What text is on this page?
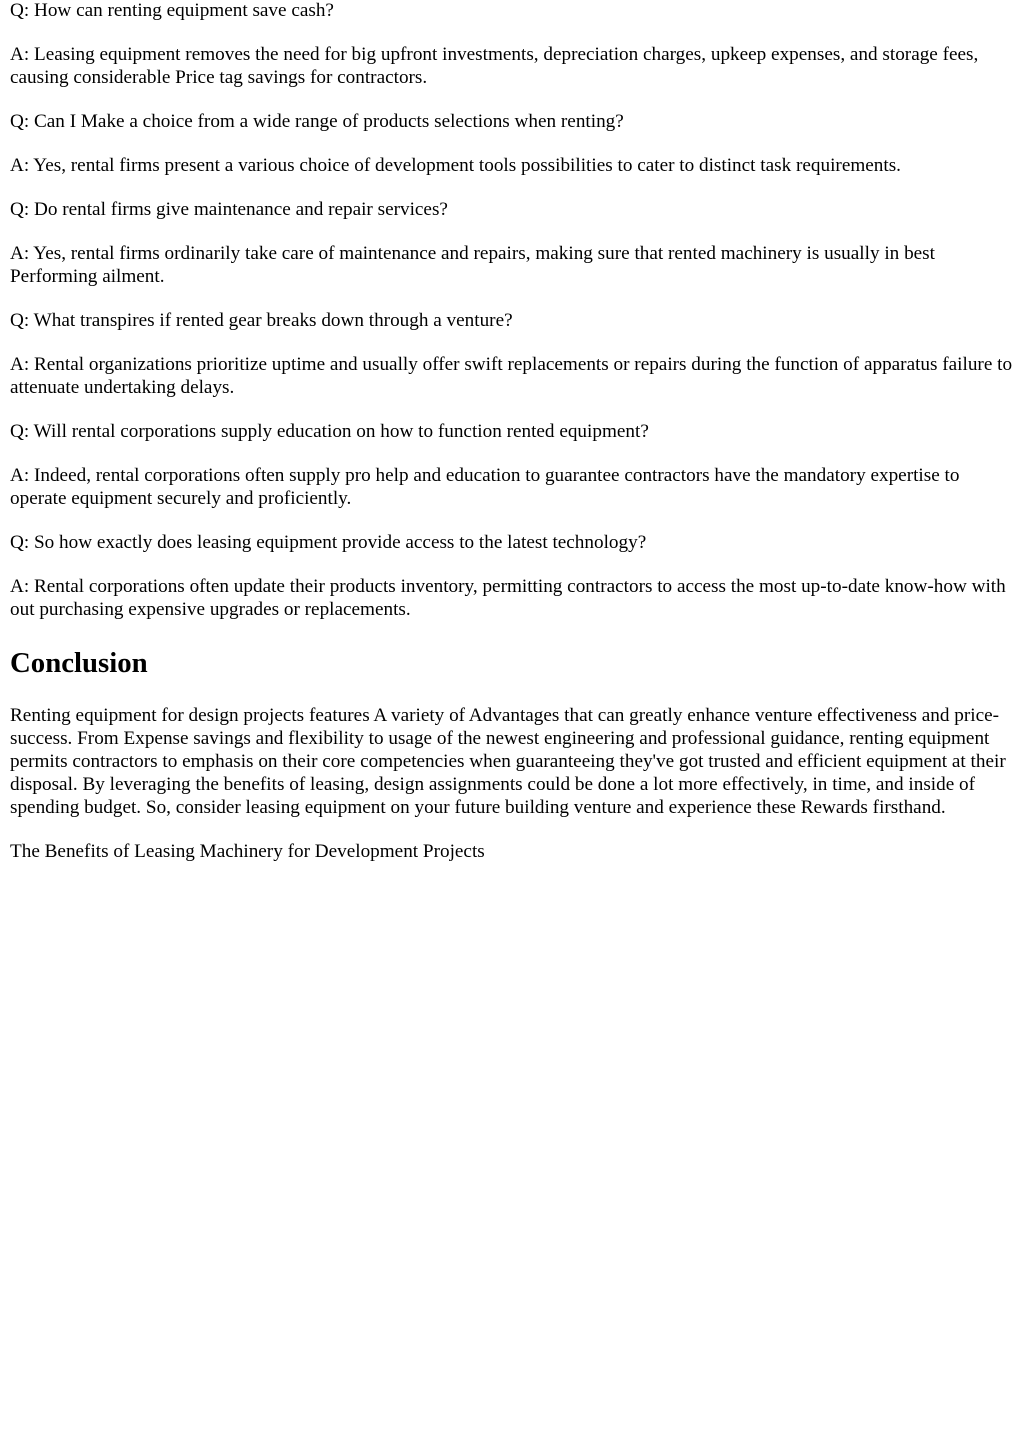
Q: How can renting equipment save cash?

A: Leasing equipment removes the need for big upfront investments, depreciation charges, upkeep expenses, and storage fees, causing considerable Price tag savings for contractors.

Q: Can I Make a choice from a wide range of products selections when renting?

A: Yes, rental firms present a various choice of development tools possibilities to cater to distinct task requirements.

Q: Do rental firms give maintenance and repair services?

A: Yes, rental firms ordinarily take care of maintenance and repairs, making sure that rented machinery is usually in best Performing ailment.

Q: What transpires if rented gear breaks down through a venture?

A: Rental organizations prioritize uptime and usually offer swift replacements or repairs during the function of apparatus failure to attenuate undertaking delays.

Q: Will rental corporations supply education on how to function rented equipment?

A: Indeed, rental corporations often supply pro help and education to guarantee contractors have the mandatory expertise to operate equipment securely and proficiently.

Q: So how exactly does leasing equipment provide access to the latest technology?

A: Rental corporations often update their products inventory, permitting contractors to access the most up-to-date know-how with out purchasing expensive upgrades or replacements.

Conclusion

Renting equipment for design projects features A variety of Advantages that can greatly enhance venture effectiveness and price-success. From Expense savings and flexibility to usage of the newest engineering and professional guidance, renting equipment permits contractors to emphasis on their core competencies when guaranteeing they've got trusted and efficient equipment at their disposal. By leveraging the benefits of leasing, design assignments could be done a lot more effectively, in time, and inside of spending budget. So, consider leasing equipment on your future building venture and experience these Rewards firsthand.

The Benefits of Leasing Machinery for Development Projects
